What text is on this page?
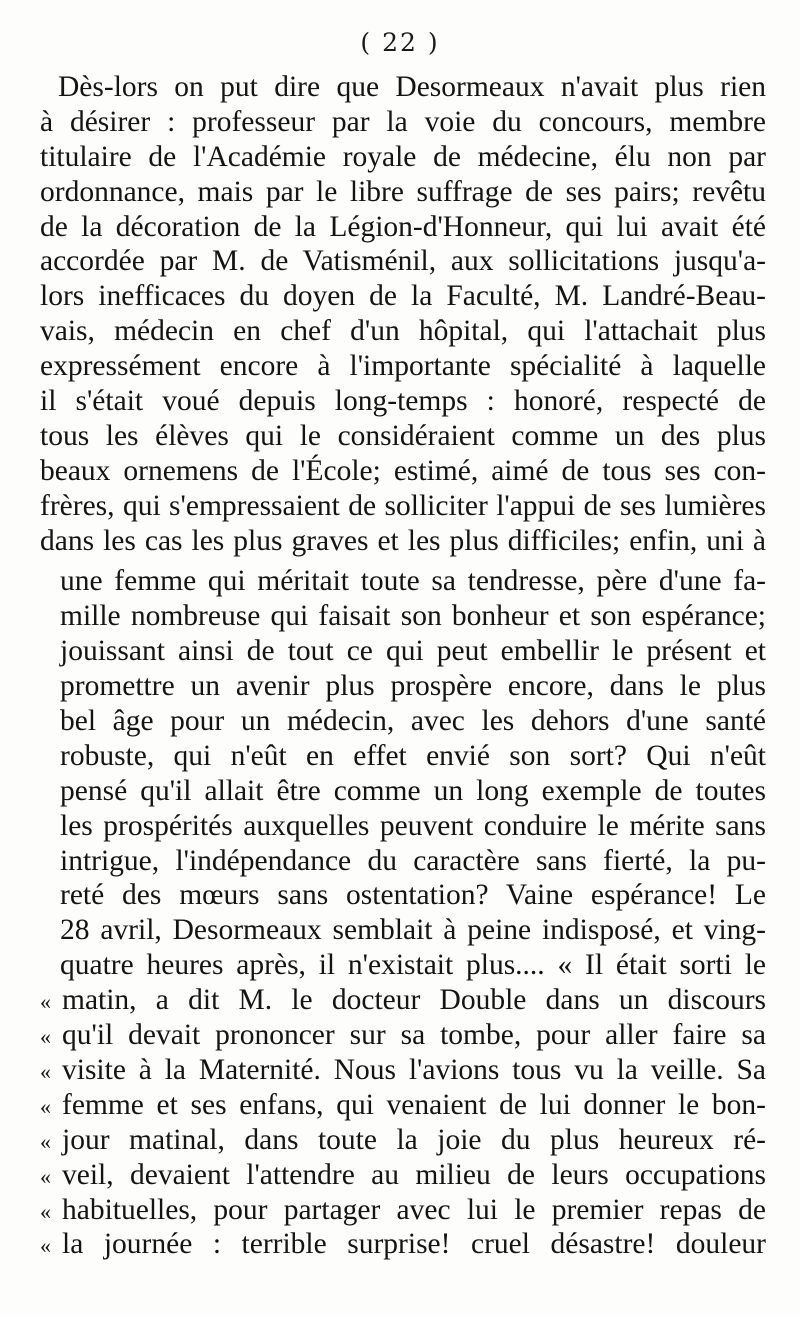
( 22 )
Dès-lors on put dire que Desormeaux n'avait plus rien
à désirer : professeur par la voie du concours, membre
titulaire de l'Académie royale de médecine, élu non par
ordonnance, mais par le libre suffrage de ses pairs; revêtu
de la décoration de la Légion-d'Honneur, qui lui avait été
accordée par M. de Vatisménil, aux sollicitations jusqu'a-
lors inefficaces du doyen de la Faculté, M. Landré-Beau-
vais, médecin en chef d'un hôpital, qui l'attachait plus
expressément encore à l'importante spécialité à laquelle
il s'était voué depuis long-temps : honoré, respecté de
tous les élèves qui le considéraient comme un des plus
beaux ornemens de l'École; estimé, aimé de tous ses con-
frères, qui s'empressaient de solliciter l'appui de ses lumières
dans les cas les plus graves et les plus difficiles; enfin, uni à
une femme qui méritait toute sa tendresse, père d'une fa-
mille nombreuse qui faisait son bonheur et son espérance;
jouissant ainsi de tout ce qui peut embellir le présent et
promettre un avenir plus prospère encore, dans le plus
bel âge pour un médecin, avec les dehors d'une santé
robuste, qui n'eût en effet envié son sort? Qui n'eût
pensé qu'il allait être comme un long exemple de toutes
les prospérités auxquelles peuvent conduire le mérite sans
intrigue, l'indépendance du caractère sans fierté, la pu-
reté des mœurs sans ostentation? Vaine espérance! Le
28 avril, Desormeaux semblait à peine indisposé, et ving-
quatre heures après, il n'existait plus.... « Il était sorti le
« matin, a dit M. le docteur Double dans un discours
« qu'il devait prononcer sur sa tombe, pour aller faire sa
« visite à la Maternité. Nous l'avions tous vu la veille. Sa
« femme et ses enfans, qui venaient de lui donner le bon-
« jour matinal, dans toute la joie du plus heureux ré-
« veil, devaient l'attendre au milieu de leurs occupations
« habituelles, pour partager avec lui le premier repas de
« la journée : terrible surprise! cruel désastre! douleur
